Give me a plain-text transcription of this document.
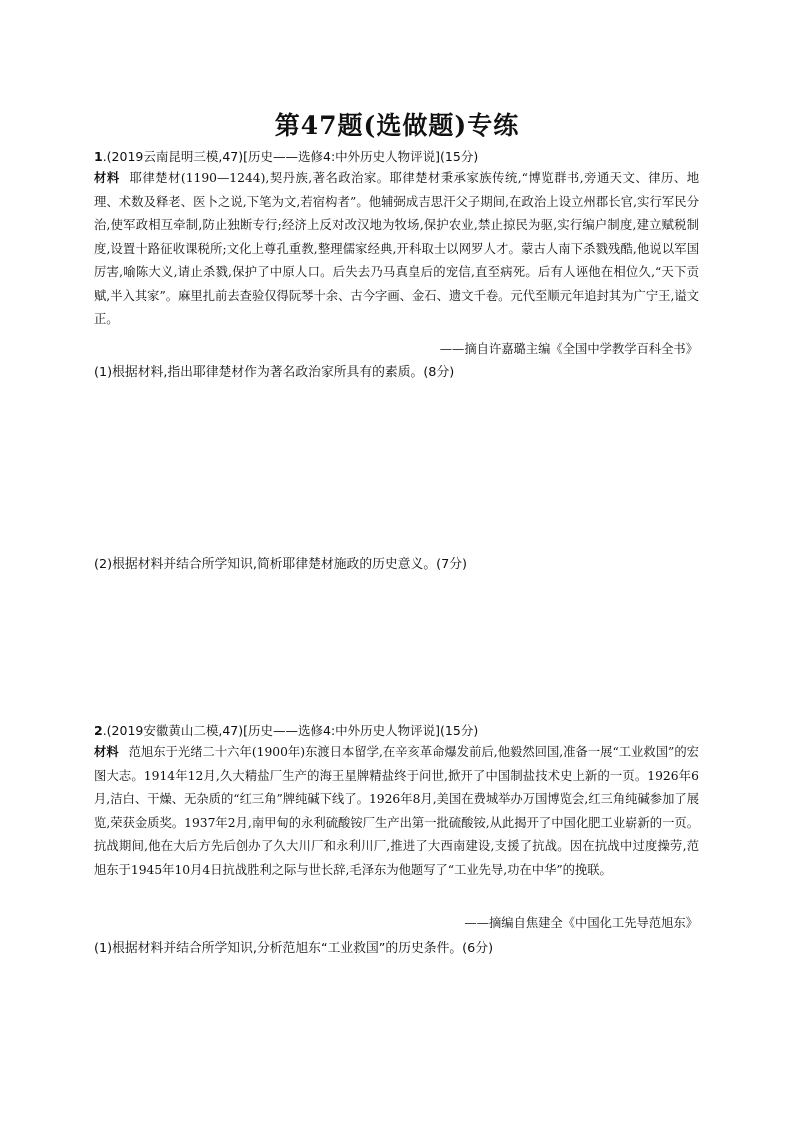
第47题(选做题)专练
1.(2019云南昆明三模,47)[历史——选修4:中外历史人物评说](15分)

材料 耶律楚材(1190—1244),契丹族,著名政治家。耶律楚材秉承家族传统,“博览群书,旁通天文、律历、地理、术数及释老、医卜之说,下笔为文,若宿构者”。他辅弼成吉思汗父子期间,在政治上设立州郡长官,实行军民分治,使军政相互牵制,防止独断专行;经济上反对改汉地为牧场,保护农业,禁止掠民为驱,实行编户制度,建立赋税制度,设置十路征收课税所;文化上尊孔重教,整理儒家经典,开科取士以网罗人才。蒙古人南下杀戮残酷,他说以军国厉害,喻陈大义,请止杀戮,保护了中原人口。后失去乃马真皇后的宠信,直至病死。后有人诬他在相位久,“天下贡赋,半入其家”。麻里扎前去查验仅得阮琴十余、古今字画、金石、遗文千卷。元代至顺元年追封其为广宁王,谥文正。

——摘自许嘉璐主编《全国中学教学百科全书》
(1)根据材料,指出耶律楚材作为著名政治家所具有的素质。(8分)
(2)根据材料并结合所学知识,简析耶律楚材施政的历史意义。(7分)
2.(2019安徽黄山二模,47)[历史——选修4:中外历史人物评说](15分)

材料 范旭东于光绪二十六年(1900年)东渡日本留学,在辛亥革命爆发前后,他毅然回国,准备一展“工业救国”的宏图大志。1914年12月,久大精盐厂生产的海王星牌精盐终于问世,掀开了中国制盐技术史上新的一页。1926年6月,洁白、干燥、无杂质的“红三角”牌纯碱下线了。1926年8月,美国在费城举办万国博览会,红三角纯碱参加了展览,荣获金质奖。1937年2月,南甲甸的永利硫酸铵厂生产出第一批硫酸铵,从此揭开了中国化肥工业崭新的一页。抗战期间,他在大后方先后创办了久大川厂和永利川厂,推进了大西南建设,支援了抗战。因在抗战中过度操劳,范旭东于1945年10月4日抗战胜利之际与世长辞,毛泽东为他题写了“工业先导,功在中华”的挽联。

——摘编自焦建全《中国化工先导范旭东》
(1)根据材料并结合所学知识,分析范旭东“工业救国”的历史条件。(6分)
